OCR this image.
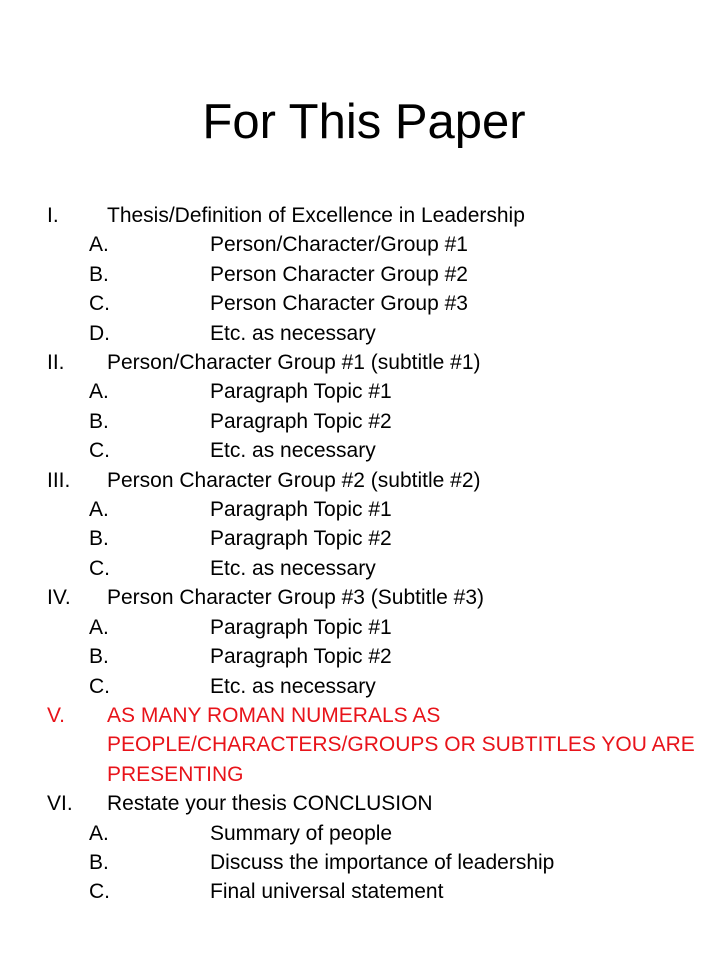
For This Paper
I. Thesis/Definition of Excellence in Leadership
A.	Person/Character/Group #1
B.	Person Character Group #2
C.	Person Character Group #3
D.	Etc. as necessary
II. Person/Character Group #1 (subtitle #1)
A.	Paragraph Topic #1
B.	Paragraph Topic #2
C.	Etc. as necessary
III. Person Character Group #2 (subtitle #2)
A.	Paragraph Topic #1
B.	Paragraph Topic #2
C.	Etc. as necessary
IV. Person Character Group #3 (Subtitle #3)
A.	Paragraph Topic #1
B.	Paragraph Topic #2
C.	Etc. as necessary
V. AS MANY ROMAN NUMERALS AS
PEOPLE/CHARACTERS/GROUPS OR SUBTITLES YOU ARE
PRESENTING
VI. Restate your thesis CONCLUSION
A.	Summary of people
B.	Discuss the importance of leadership
C.	Final universal statement
